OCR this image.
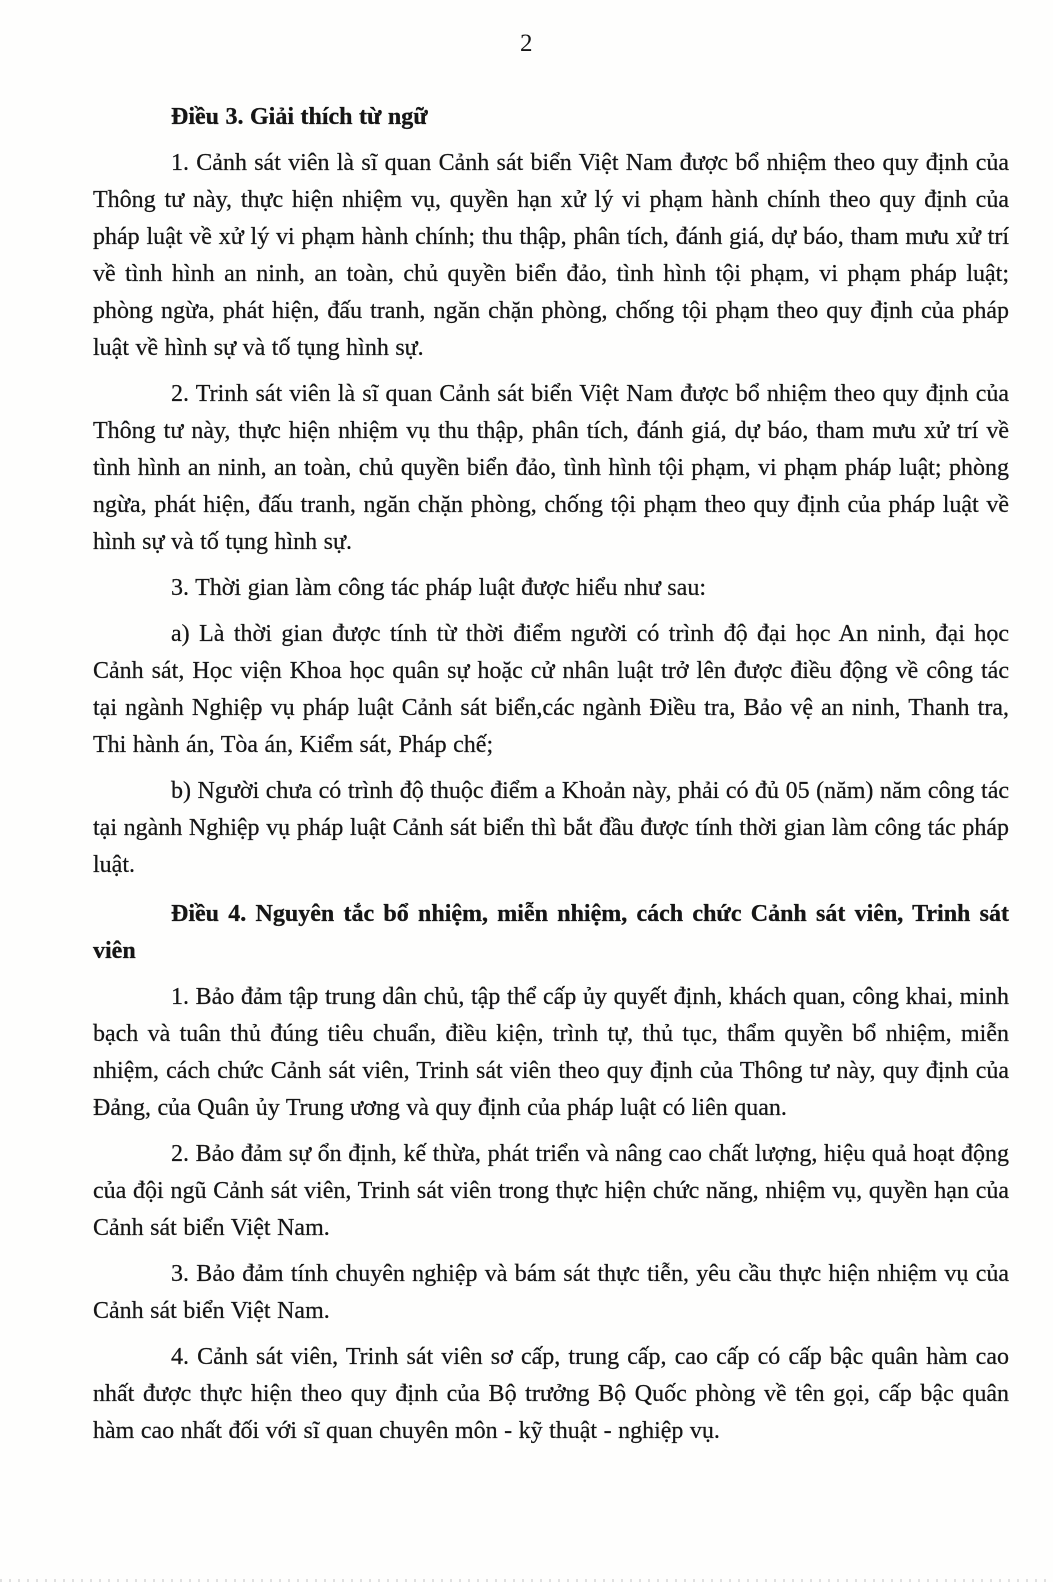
2
Điều 3. Giải thích từ ngữ

1. Cảnh sát viên là sĩ quan Cảnh sát biển Việt Nam được bổ nhiệm theo quy định của Thông tư này, thực hiện nhiệm vụ, quyền hạn xử lý vi phạm hành chính theo quy định của pháp luật về xử lý vi phạm hành chính; thu thập, phân tích, đánh giá, dự báo, tham mưu xử trí về tình hình an ninh, an toàn, chủ quyền biển đảo, tình hình tội phạm, vi phạm pháp luật; phòng ngừa, phát hiện, đấu tranh, ngăn chặn phòng, chống tội phạm theo quy định của pháp luật về hình sự và tố tụng hình sự.

2. Trinh sát viên là sĩ quan Cảnh sát biển Việt Nam được bổ nhiệm theo quy định của Thông tư này, thực hiện nhiệm vụ thu thập, phân tích, đánh giá, dự báo, tham mưu xử trí về tình hình an ninh, an toàn, chủ quyền biển đảo, tình hình tội phạm, vi phạm pháp luật; phòng ngừa, phát hiện, đấu tranh, ngăn chặn phòng, chống tội phạm theo quy định của pháp luật về hình sự và tố tụng hình sự.

3. Thời gian làm công tác pháp luật được hiểu như sau:

a) Là thời gian được tính từ thời điểm người có trình độ đại học An ninh, đại học Cảnh sát, Học viện Khoa học quân sự hoặc cử nhân luật trở lên được điều động về công tác tại ngành Nghiệp vụ pháp luật Cảnh sát biển,các ngành Điều tra, Bảo vệ an ninh, Thanh tra, Thi hành án, Tòa án, Kiểm sát, Pháp chế;

b) Người chưa có trình độ thuộc điểm a Khoản này, phải có đủ 05 (năm) năm công tác tại ngành Nghiệp vụ pháp luật Cảnh sát biển thì bắt đầu được tính thời gian làm công tác pháp luật.

Điều 4. Nguyên tắc bổ nhiệm, miễn nhiệm, cách chức Cảnh sát viên, Trinh sát viên

1. Bảo đảm tập trung dân chủ, tập thể cấp ủy quyết định, khách quan, công khai, minh bạch và tuân thủ đúng tiêu chuẩn, điều kiện, trình tự, thủ tục, thẩm quyền bổ nhiệm, miễn nhiệm, cách chức Cảnh sát viên, Trinh sát viên theo quy định của Thông tư này, quy định của Đảng, của Quân ủy Trung ương và quy định của pháp luật có liên quan.

2. Bảo đảm sự ổn định, kế thừa, phát triển và nâng cao chất lượng, hiệu quả hoạt động của đội ngũ Cảnh sát viên, Trinh sát viên trong thực hiện chức năng, nhiệm vụ, quyền hạn của Cảnh sát biển Việt Nam.

3. Bảo đảm tính chuyên nghiệp và bám sát thực tiễn, yêu cầu thực hiện nhiệm vụ của Cảnh sát biển Việt Nam.

4. Cảnh sát viên, Trinh sát viên sơ cấp, trung cấp, cao cấp có cấp bậc quân hàm cao nhất được thực hiện theo quy định của Bộ trưởng Bộ Quốc phòng về tên gọi, cấp bậc quân hàm cao nhất đối với sĩ quan chuyên môn - kỹ thuật - nghiệp vụ.
